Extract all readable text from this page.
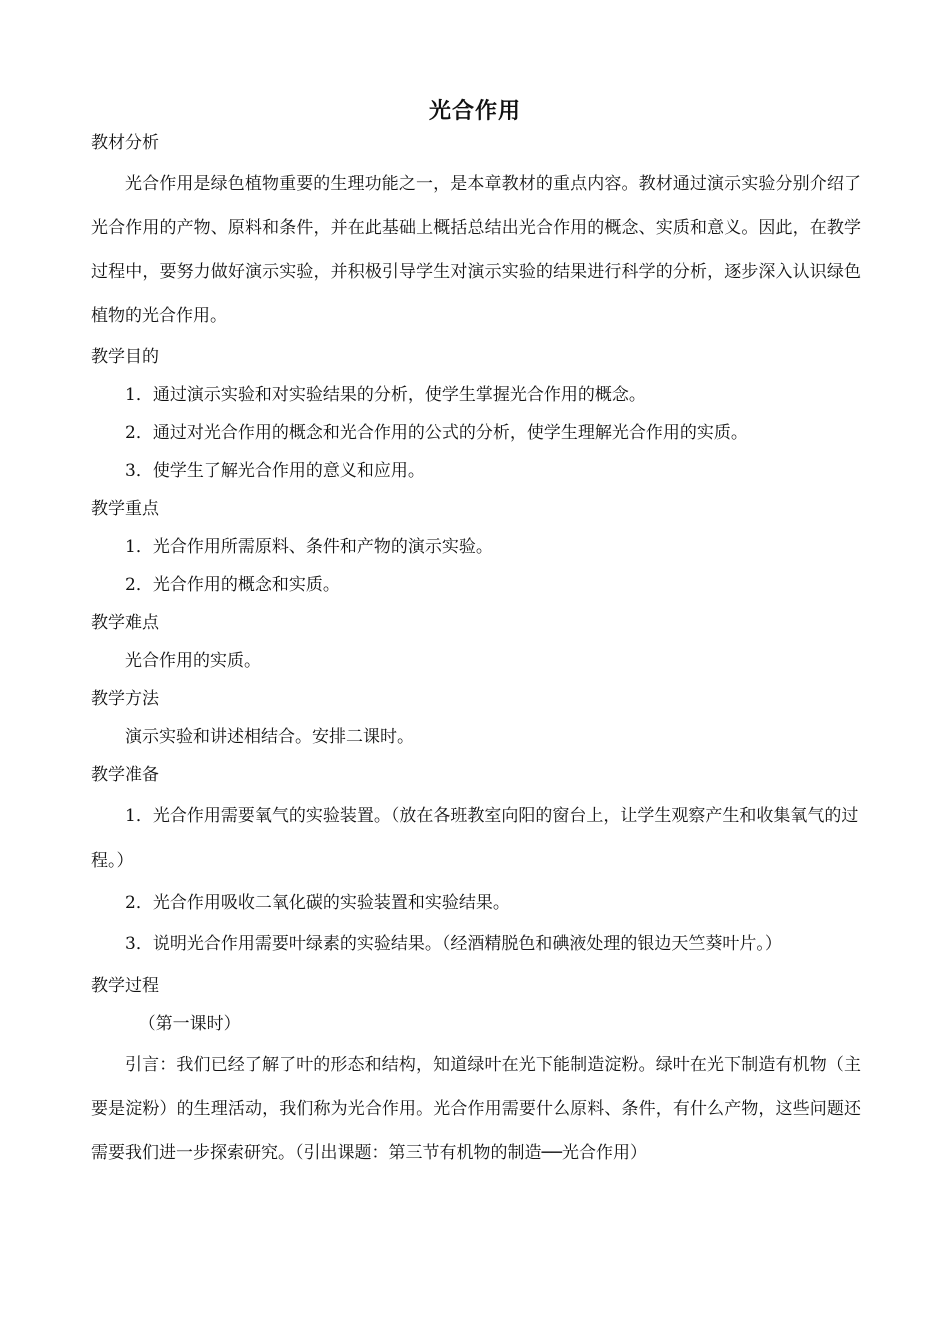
光合作用

教材分析

光合作用是绿色植物重要的生理功能之一，是本章教材的重点内容。教材通过演示实验分别介绍了光合作用的产物、原料和条件，并在此基础上概括总结出光合作用的概念、实质和意义。因此，在教学过程中，要努力做好演示实验，并积极引导学生对演示实验的结果进行科学的分析，逐步深入认识绿色植物的光合作用。

教学目的

1．通过演示实验和对实验结果的分析，使学生掌握光合作用的概念。

2．通过对光合作用的概念和光合作用的公式的分析，使学生理解光合作用的实质。

3．使学生了解光合作用的意义和应用。

教学重点

1．光合作用所需原料、条件和产物的演示实验。

2．光合作用的概念和实质。

教学难点

光合作用的实质。

教学方法

演示实验和讲述相结合。安排二课时。

教学准备

1．光合作用需要氧气的实验装置。（放在各班教室向阳的窗台上，让学生观察产生和收集氧气的过程。）

2．光合作用吸收二氧化碳的实验装置和实验结果。

3．说明光合作用需要叶绿素的实验结果。（经酒精脱色和碘液处理的银边天竺葵叶片。）

教学过程

（第一课时）

引言：我们已经了解了叶的形态和结构，知道绿叶在光下能制造淀粉。绿叶在光下制造有机物（主要是淀粉）的生理活动，我们称为光合作用。光合作用需要什么原料、条件，有什么产物，这些问题还需要我们进一步探索研究。（引出课题：第三节有机物的制造──光合作用）
